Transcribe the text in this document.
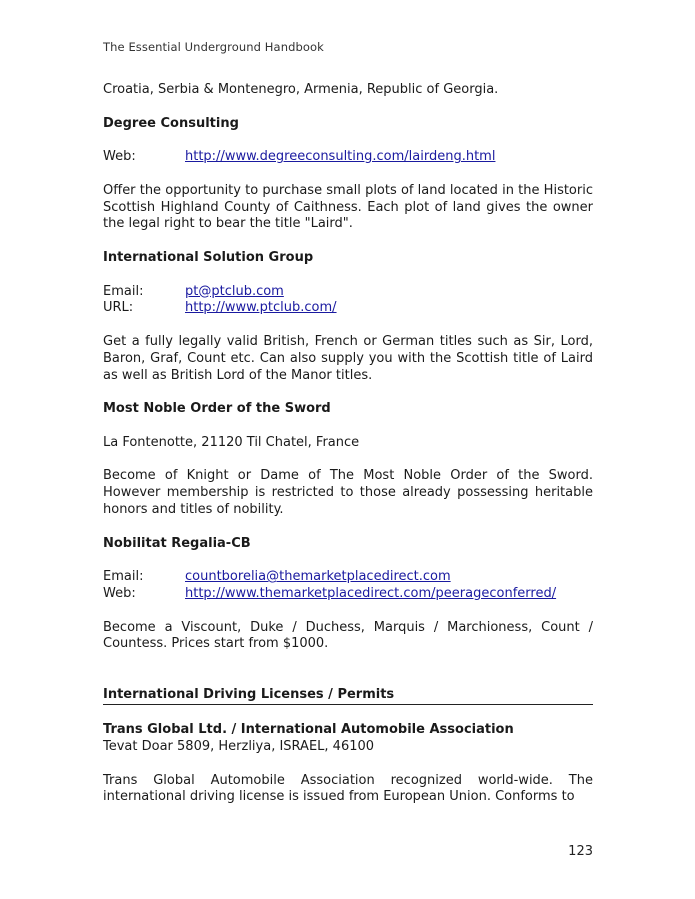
The Essential Underground Handbook

Croatia, Serbia & Montenegro, Armenia, Republic of Georgia.

Degree Consulting

Web:	http://www.degreeconsulting.com/lairdeng.html

Offer the opportunity to purchase small plots of land located in the Historic Scottish Highland County of Caithness. Each plot of land gives the owner the legal right to bear the title "Laird".

International Solution Group

Email:	pt@ptclub.com
URL:	http://www.ptclub.com/

Get a fully legally valid British, French or German titles such as Sir, Lord, Baron, Graf, Count etc. Can also supply you with the Scottish title of Laird as well as British Lord of the Manor titles.

Most Noble Order of the Sword

La Fontenotte, 21120 Til Chatel, France

Become of Knight or Dame of The Most Noble Order of the Sword. However membership is restricted to those already possessing heritable honors and titles of nobility.

Nobilitat Regalia-CB

Email:	countborelia@themarketplacedirect.com
Web:	http://www.themarketplacedirect.com/peerageconferred/

Become a Viscount, Duke / Duchess, Marquis / Marchioness, Count / Countess. Prices start from $1000.

International Driving Licenses / Permits

Trans Global Ltd. / International Automobile Association

Tevat Doar 5809, Herzliya, ISRAEL, 46100

Trans Global Automobile Association recognized world-wide. The international driving license is issued from European Union. Conforms to

123
